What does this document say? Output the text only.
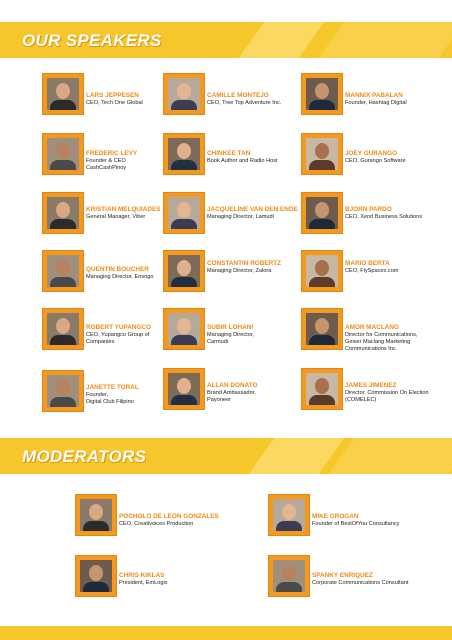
OUR SPEAKERS
MODERATORS
LARS JEPPESEN
CEO, Tech One Global
CAMILLE MONTEJO
CEO, Tree Top Adventure Inc.
MANNIX PABALAN
Founder, Hashtag Digital
FREDERIC LEVY
Founder & CEO
CashCashPinoy
CHINKEE TAN
Book Author and Radio Host
JOEY GURANGO
CEO, Gurango Software
KRISTIAN MELQUIADES
General Manager, Viber
JACQUELINE VAN DEN ENDE
Managing Director, Lamudi
BJORN PARDO
CEO, Xend Business Solutions
QUENTIN BOUCHER
Managing Director, Ensogo
CONSTANTIN ROBERTZ
Managing Director, Zalora
MARIO BERTA
CEO, FlySpaces.com
ROBERT YUPANGCO
CEO, Yupangco Group of
Companies
SUBIR LOHANI
Managing Director,
Carmudi
AMOR MACLANG
Director for Communications,
Geiser Maclang Marketing
Communications Inc.
JANETTE TORAL
Founder,
Digital Club Filipino
ALLAN DONATO
Brand Ambassador,
Payoneer
JAMES JIMENEZ
Director, Commission On Election
(COMELEC)
POCHOLO DE LEON GONZALES
CEO, Creativoices Production
MIKE GROGAN
Founder of BestOfYou Consultancy
CHRIS KIKLAS
President, EmLogix
SPANKY ENRIQUEZ
Corporate Communications Consultant
